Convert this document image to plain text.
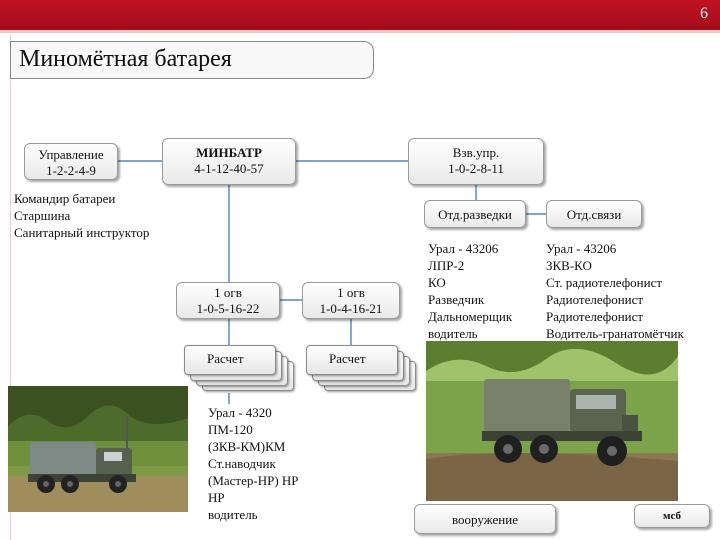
6
Миномётная батарея
Управление
1-2-2-4-9
МИНБАТР
4-1-12-40-57
Взв.упр.
1-0-2-8-11
Отд.разведки	Отд.связи
Командир батареи
Старшина
Санитарный инструктор
Урал - 43206
ЛПР-2
КО
Разведчик
Дальномерщик
водитель
Урал - 43206
ЗКВ-КО
Ст. радиотелефонист
Радиотелефонист
Радиотелефонист
Водитель-гранатомётчик
1 огв
1-0-5-16-22
1 огв
1-0-4-16-21
Расчет	Расчет
Урал - 4320
ПМ-120
(ЗКВ-КМ)КМ
Ст.наводчик
(Мастер-НР) НР
НР
водитель	вооружение	мсб
